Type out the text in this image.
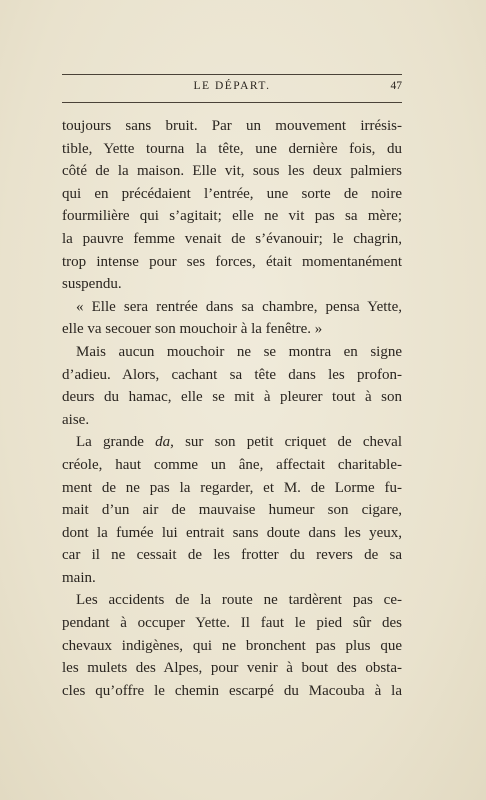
LE DÉPART.	47
toujours sans bruit. Par un mouvement irrésis-
tible, Yette tourna la tête, une dernière fois, du
côté de la maison. Elle vit, sous les deux palmiers
qui en précédaient l’entrée, une sorte de noire
fourmilière qui s’agitait; elle ne vit pas sa mère;
la pauvre femme venait de s’évanouir; le chagrin,
trop intense pour ses forces, était momentanément
suspendu.
« Elle sera rentrée dans sa chambre, pensa Yette,
elle va secouer son mouchoir à la fenêtre. »
Mais aucun mouchoir ne se montra en signe
d’adieu. Alors, cachant sa tête dans les profon-
deurs du hamac, elle se mit à pleurer tout à son
aise.
La grande da, sur son petit criquet de cheval
créole, haut comme un âne, affectait charitable-
ment de ne pas la regarder, et M. de Lorme fu-
mait d’un air de mauvaise humeur son cigare,
dont la fumée lui entrait sans doute dans les yeux,
car il ne cessait de les frotter du revers de sa
main.
Les accidents de la route ne tardèrent pas ce-
pendant à occuper Yette. Il faut le pied sûr des
chevaux indigènes, qui ne bronchent pas plus que
les mulets des Alpes, pour venir à bout des obsta-
cles qu’offre le chemin escarpé du Macouba à la
